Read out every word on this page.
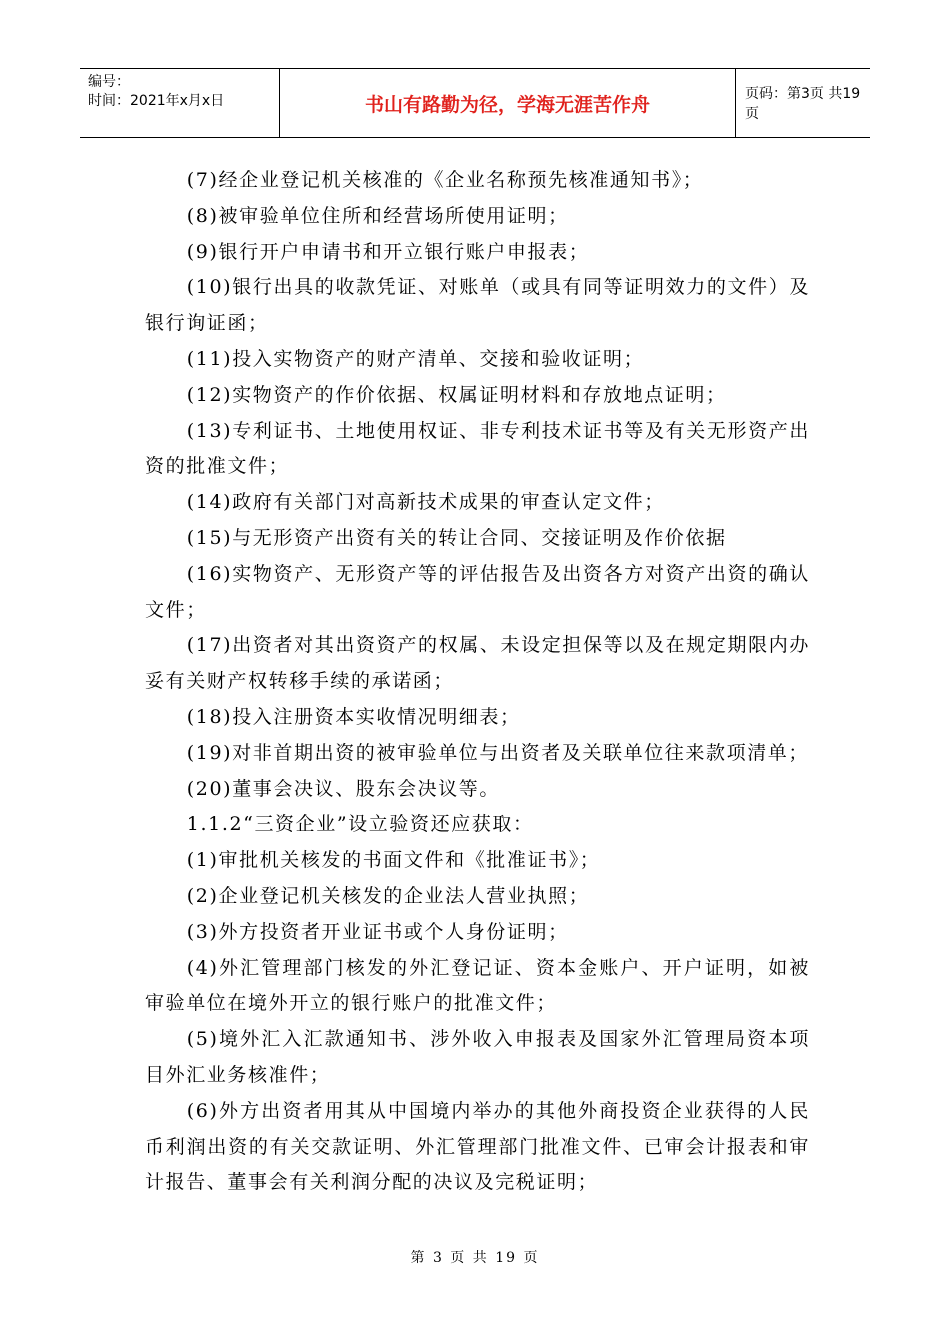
编号：
时间：2021年x月x日	书山有路勤为径，学海无涯苦作舟	页码：第3页 共19页

(7)经企业登记机关核准的《企业名称预先核准通知书》；

(8)被审验单位住所和经营场所使用证明；

(9)银行开户申请书和开立银行账户申报表；

(10)银行出具的收款凭证、对账单（或具有同等证明效力的文件）及银行询证函；

(11)投入实物资产的财产清单、交接和验收证明；

(12)实物资产的作价依据、权属证明材料和存放地点证明；

(13)专利证书、土地使用权证、非专利技术证书等及有关无形资产出资的批准文件；

(14)政府有关部门对高新技术成果的审查认定文件；

(15)与无形资产出资有关的转让合同、交接证明及作价依据

(16)实物资产、无形资产等的评估报告及出资各方对资产出资的确认文件；

(17)出资者对其出资资产的权属、未设定担保等以及在规定期限内办妥有关财产权转移手续的承诺函；

(18)投入注册资本实收情况明细表；

(19)对非首期出资的被审验单位与出资者及关联单位往来款项清单；

(20)董事会决议、股东会决议等。

1.1.2“三资企业”设立验资还应获取：

(1)审批机关核发的书面文件和《批准证书》；

(2)企业登记机关核发的企业法人营业执照；

(3)外方投资者开业证书或个人身份证明；

(4)外汇管理部门核发的外汇登记证、资本金账户、开户证明，如被审验单位在境外开立的银行账户的批准文件；

(5)境外汇入汇款通知书、涉外收入申报表及国家外汇管理局资本项目外汇业务核准件；

(6)外方出资者用其从中国境内举办的其他外商投资企业获得的人民币利润出资的有关交款证明、外汇管理部门批准文件、已审会计报表和审计报告、董事会有关利润分配的决议及完税证明；

第 3 页 共 19 页
